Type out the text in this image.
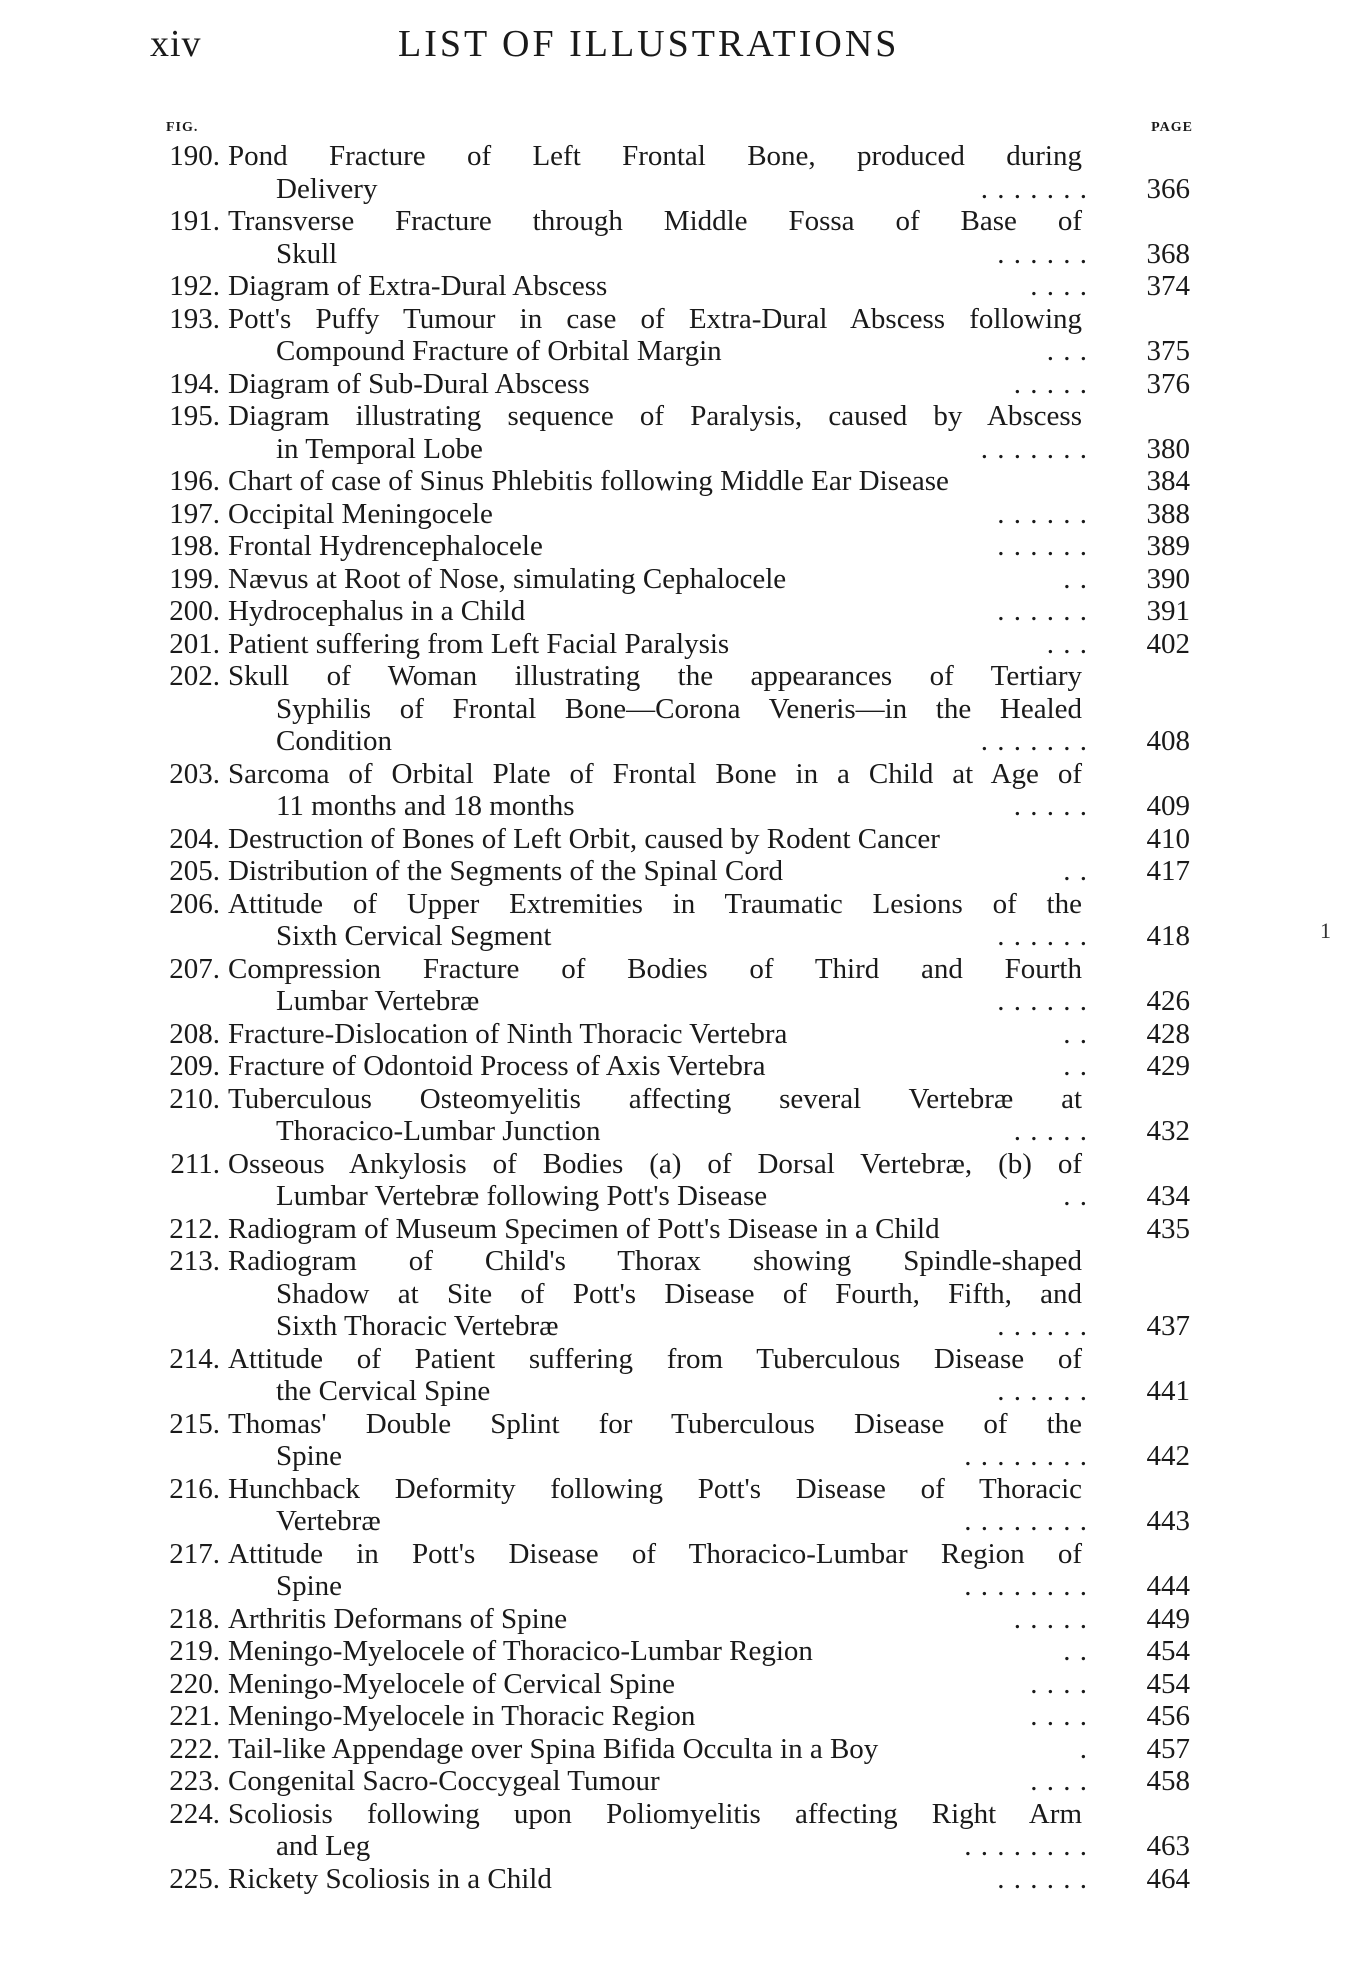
xiv	LIST OF ILLUSTRATIONS
FIG.	PAGE
190. Pond Fracture of Left Frontal Bone, produced during
Delivery	. . . . . . .	366
191. Transverse Fracture through Middle Fossa of Base of
Skull	. . . . . .	368
192. Diagram of Extra-Dural Abscess	. . . .	374
193. Pott's Puffy Tumour in case of Extra-Dural Abscess following
Compound Fracture of Orbital Margin	. . .	375
194. Diagram of Sub-Dural Abscess	. . . . .	376
195. Diagram illustrating sequence of Paralysis, caused by Abscess
in Temporal Lobe	. . . . . . .	380
196. Chart of case of Sinus Phlebitis following Middle Ear Disease	384
197. Occipital Meningocele	. . . . . .	388
198. Frontal Hydrencephalocele	. . . . . .	389
199. Nævus at Root of Nose, simulating Cephalocele	. .	390
200. Hydrocephalus in a Child	. . . . . .	391
201. Patient suffering from Left Facial Paralysis	. . .	402
202. Skull of Woman illustrating the appearances of Tertiary
Syphilis of Frontal Bone—Corona Veneris—in the Healed
Condition	. . . . . . .	408
203. Sarcoma of Orbital Plate of Frontal Bone in a Child at Age of
11 months and 18 months	. . . . .	409
204. Destruction of Bones of Left Orbit, caused by Rodent Cancer	410
205. Distribution of the Segments of the Spinal Cord	. .	417
206. Attitude of Upper Extremities in Traumatic Lesions of the
Sixth Cervical Segment	. . . . . .	418
207. Compression Fracture of Bodies of Third and Fourth
Lumbar Vertebræ	. . . . . .	426
208. Fracture-Dislocation of Ninth Thoracic Vertebra	. .	428
209. Fracture of Odontoid Process of Axis Vertebra	. .	429
210. Tuberculous Osteomyelitis affecting several Vertebræ at
Thoracico-Lumbar Junction	. . . . .	432
211. Osseous Ankylosis of Bodies (a) of Dorsal Vertebræ, (b) of
Lumbar Vertebræ following Pott's Disease	. .	434
212. Radiogram of Museum Specimen of Pott's Disease in a Child	435
213. Radiogram of Child's Thorax showing Spindle-shaped
Shadow at Site of Pott's Disease of Fourth, Fifth, and
Sixth Thoracic Vertebræ	. . . . . .	437
214. Attitude of Patient suffering from Tuberculous Disease of
the Cervical Spine	. . . . . .	441
215. Thomas' Double Splint for Tuberculous Disease of the
Spine	. . . . . . . .	442
216. Hunchback Deformity following Pott's Disease of Thoracic
Vertebræ	. . . . . . . .	443
217. Attitude in Pott's Disease of Thoracico-Lumbar Region of
Spine	. . . . . . . .	444
218. Arthritis Deformans of Spine	. . . . .	449
219. Meningo-Myelocele of Thoracico-Lumbar Region	. .	454
220. Meningo-Myelocele of Cervical Spine	. . . .	454
221. Meningo-Myelocele in Thoracic Region	. . . .	456
222. Tail-like Appendage over Spina Bifida Occulta in a Boy	.	457
223. Congenital Sacro-Coccygeal Tumour	. . . .	458
224. Scoliosis following upon Poliomyelitis affecting Right Arm
and Leg	. . . . . . . .	463
225. Rickety Scoliosis in a Child	. . . . . .	464
1
